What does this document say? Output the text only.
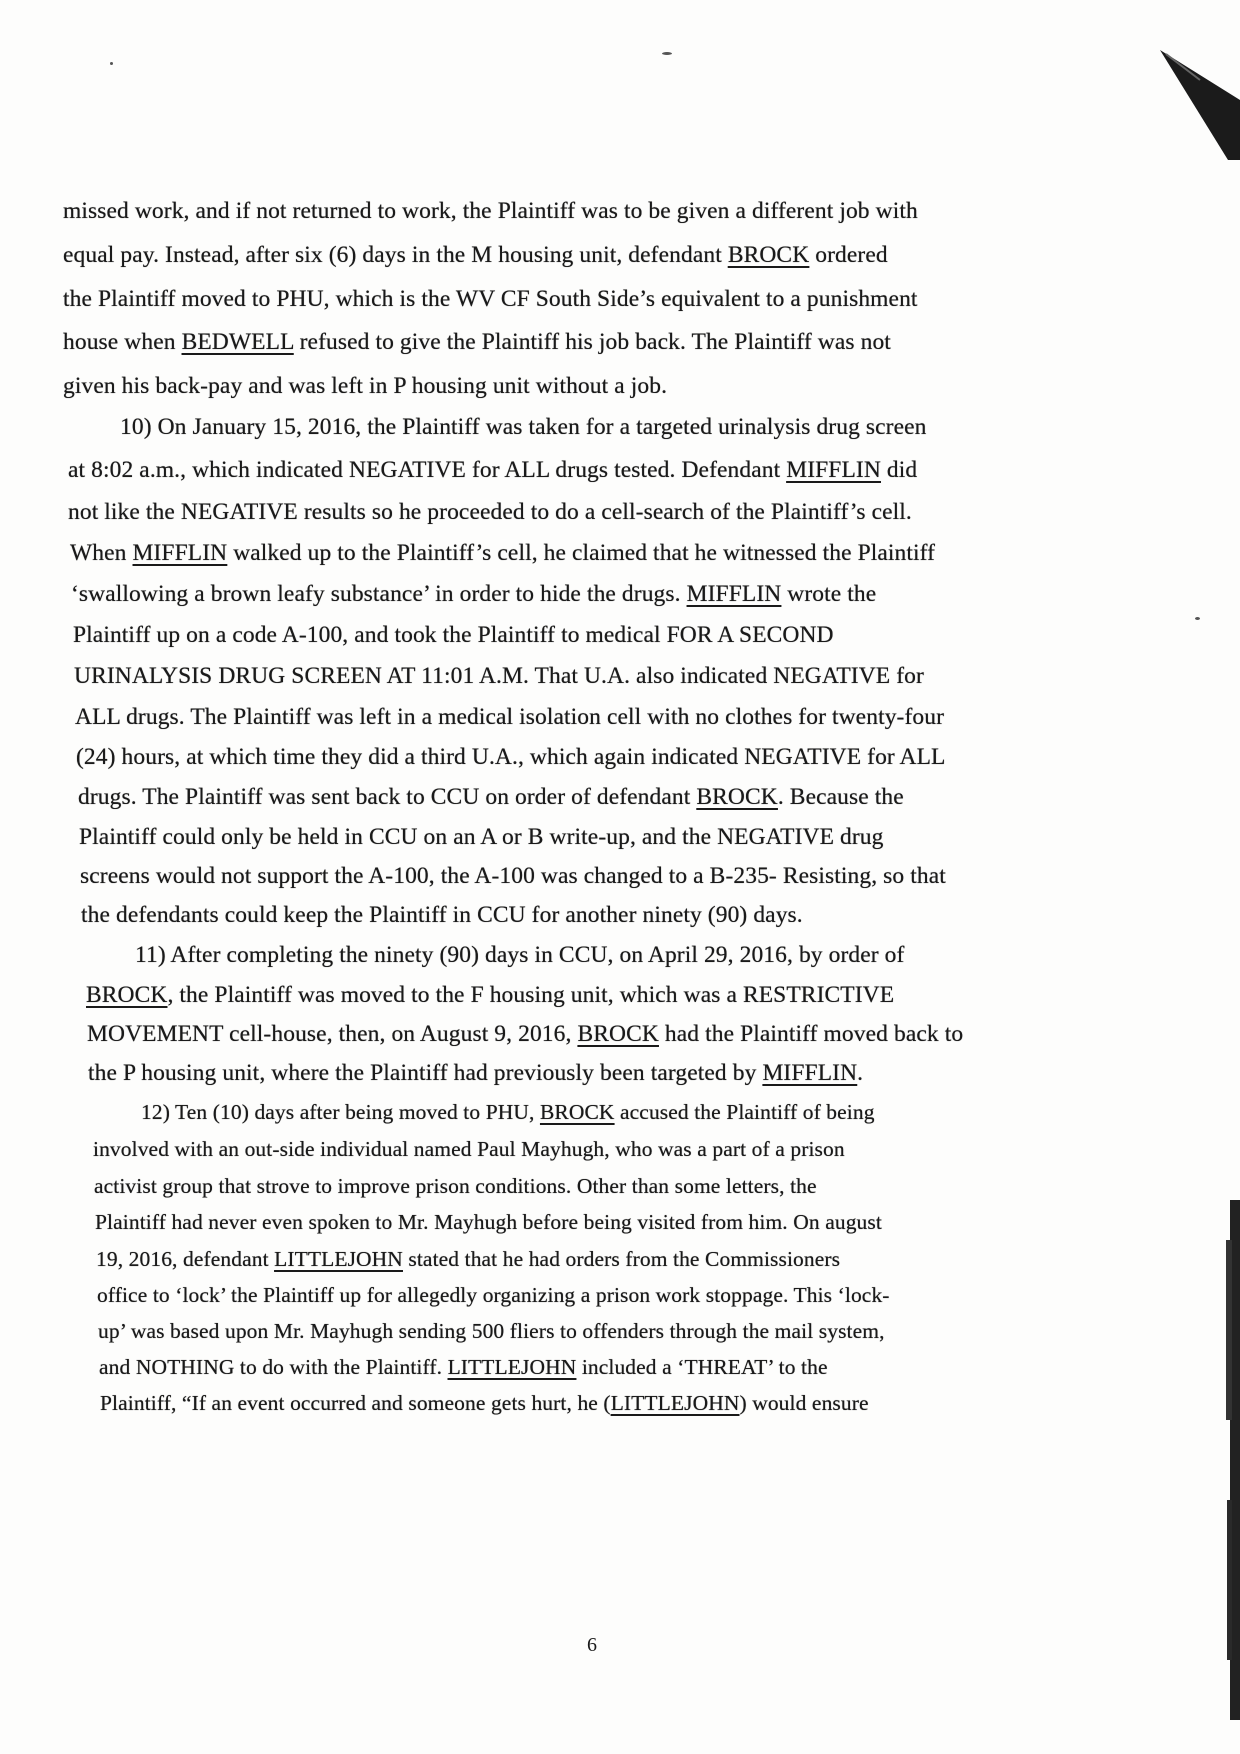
missed work, and if not returned to work, the Plaintiff was to be given a different job with

equal pay. Instead, after six (6) days in the M housing unit, defendant BROCK ordered

the Plaintiff moved to PHU, which is the WV CF South Side’s equivalent to a punishment

house when BEDWELL refused to give the Plaintiff his job back. The Plaintiff was not

given his back-pay and was left in P housing unit without a job.

10) On January 15, 2016, the Plaintiff was taken for a targeted urinalysis drug screen

at 8:02 a.m., which indicated NEGATIVE for ALL drugs tested. Defendant MIFFLIN did

not like the NEGATIVE results so he proceeded to do a cell-search of the Plaintiff’s cell.

When MIFFLIN walked up to the Plaintiff’s cell, he claimed that he witnessed the Plaintiff

‘swallowing a brown leafy substance’ in order to hide the drugs. MIFFLIN wrote the

Plaintiff up on a code A-100, and took the Plaintiff to medical FOR A SECOND

URINALYSIS DRUG SCREEN AT 11:01 A.M. That U.A. also indicated NEGATIVE for

ALL drugs. The Plaintiff was left in a medical isolation cell with no clothes for twenty-four

(24) hours, at which time they did a third U.A., which again indicated NEGATIVE for ALL

drugs. The Plaintiff was sent back to CCU on order of defendant BROCK. Because the

Plaintiff could only be held in CCU on an A or B write-up, and the NEGATIVE drug

screens would not support the A-100, the A-100 was changed to a B-235- Resisting, so that

the defendants could keep the Plaintiff in CCU for another ninety (90) days.

11) After completing the ninety (90) days in CCU, on April 29, 2016, by order of

BROCK, the Plaintiff was moved to the F housing unit, which was a RESTRICTIVE

MOVEMENT cell-house, then, on August 9, 2016, BROCK had the Plaintiff moved back to

the P housing unit, where the Plaintiff had previously been targeted by MIFFLIN.

12) Ten (10) days after being moved to PHU, BROCK accused the Plaintiff of being

involved with an out-side individual named Paul Mayhugh, who was a part of a prison

activist group that strove to improve prison conditions. Other than some letters, the

Plaintiff had never even spoken to Mr. Mayhugh before being visited from him. On august

19, 2016, defendant LITTLEJOHN stated that he had orders from the Commissioners

office to ‘lock’ the Plaintiff up for allegedly organizing a prison work stoppage. This ‘lock-

up’ was based upon Mr. Mayhugh sending 500 fliers to offenders through the mail system,

and NOTHING to do with the Plaintiff. LITTLEJOHN included a ‘THREAT’ to the

Plaintiff, “If an event occurred and someone gets hurt, he (LITTLEJOHN) would ensure

6
